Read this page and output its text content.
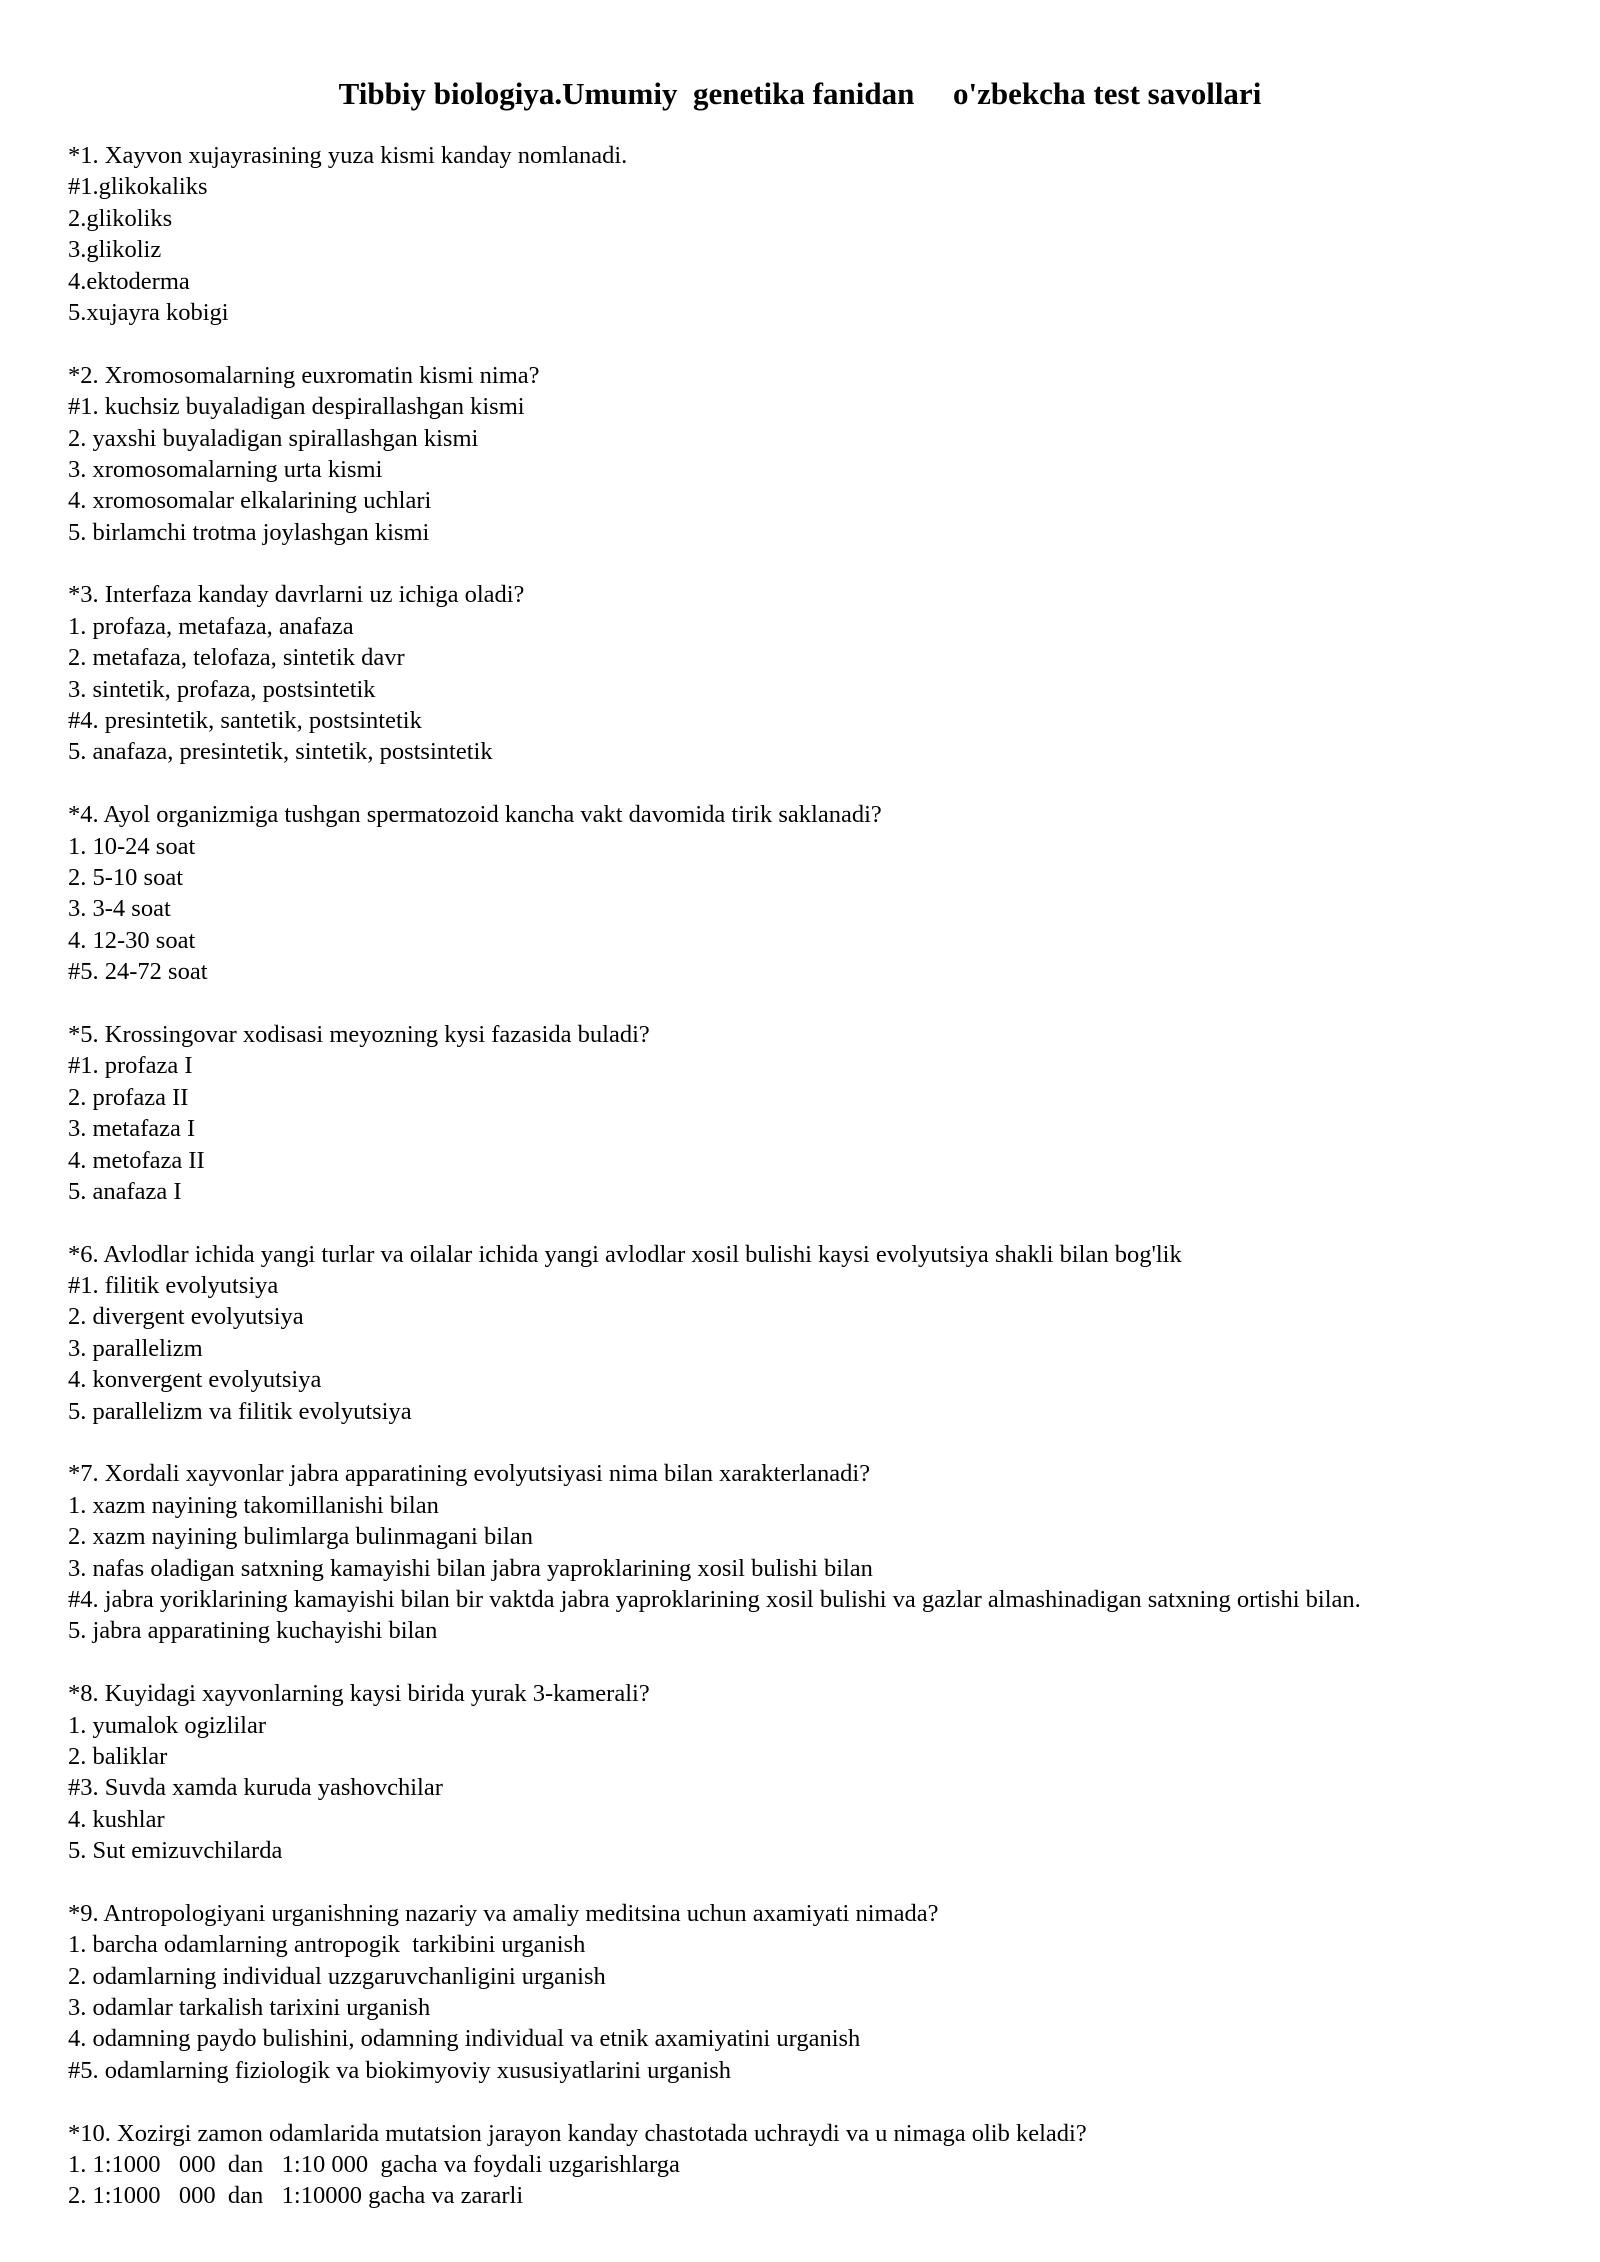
Tibbiy biologiya.Umumiy  genetika fanidan     o'zbekcha test savollari
*1. Xayvon xujayrasining yuza kismi kanday nomlanadi.
#1.glikokaliks
2.glikoliks
3.glikoliz
4.ektoderma
5.xujayra kobigi
*2. Xromosomalarning euxromatin kismi nima?
#1. kuchsiz buyaladigan despirallashgan kismi
2. yaxshi buyaladigan spirallashgan kismi
3. xromosomalarning urta kismi
4. xromosomalar elkalarining uchlari
5. birlamchi trotma joylashgan kismi
*3. Interfaza kanday davrlarni uz ichiga oladi?
1. profaza, metafaza, anafaza
2. metafaza, telofaza, sintetik davr
3. sintetik, profaza, postsintetik
#4. presintetik, santetik, postsintetik
5. anafaza, presintetik, sintetik, postsintetik
*4. Ayol organizmiga tushgan spermatozoid kancha vakt davomida tirik saklanadi?
1. 10-24 soat
2. 5-10 soat
3. 3-4 soat
4. 12-30 soat
#5. 24-72 soat
*5. Krossingovar xodisasi meyozning kysi fazasida buladi?
#1. profaza I
2. profaza II
3. metafaza I
4. metofaza II
5. anafaza I
*6. Avlodlar ichida yangi turlar va oilalar ichida yangi avlodlar xosil bulishi kaysi evolyutsiya shakli bilan bog'lik
#1. filitik evolyutsiya
2. divergent evolyutsiya
3. parallelizm
4. konvergent evolyutsiya
5. parallelizm va filitik evolyutsiya
*7. Xordali xayvonlar jabra apparatining evolyutsiyasi nima bilan xarakterlanadi?
1. xazm nayining takomillanishi bilan
2. xazm nayining bulimlarga bulinmagani bilan
3. nafas oladigan satxning kamayishi bilan jabra yaproklarining xosil bulishi bilan
#4. jabra yoriklarining kamayishi bilan bir vaktda jabra yaproklarining xosil bulishi va gazlar almashinadigan satxning ortishi bilan.
5. jabra apparatining kuchayishi bilan
*8. Kuyidagi xayvonlarning kaysi birida yurak 3-kamerali?
1. yumalok ogizlilar
2. baliklar
#3. Suvda xamda kuruda yashovchilar
4. kushlar
5. Sut emizuvchilarda
*9. Antropologiyani urganishning nazariy va amaliy meditsina uchun axamiyati nimada?
1. barcha odamlarning antropogik  tarkibini urganish
2. odamlarning individual uzzgaruvchanligini urganish
3. odamlar tarkalish tarixini urganish
4. odamning paydo bulishini, odamning individual va etnik axamiyatini urganish
#5. odamlarning fiziologik va biokimyoviy xususiyatlarini urganish
*10. Xozirgi zamon odamlarida mutatsion jarayon kanday chastotada uchraydi va u nimaga olib keladi?
1. 1:1000   000  dan   1:10 000  gacha va foydali uzgarishlarga
2. 1:1000   000  dan   1:10000 gacha va zararli
